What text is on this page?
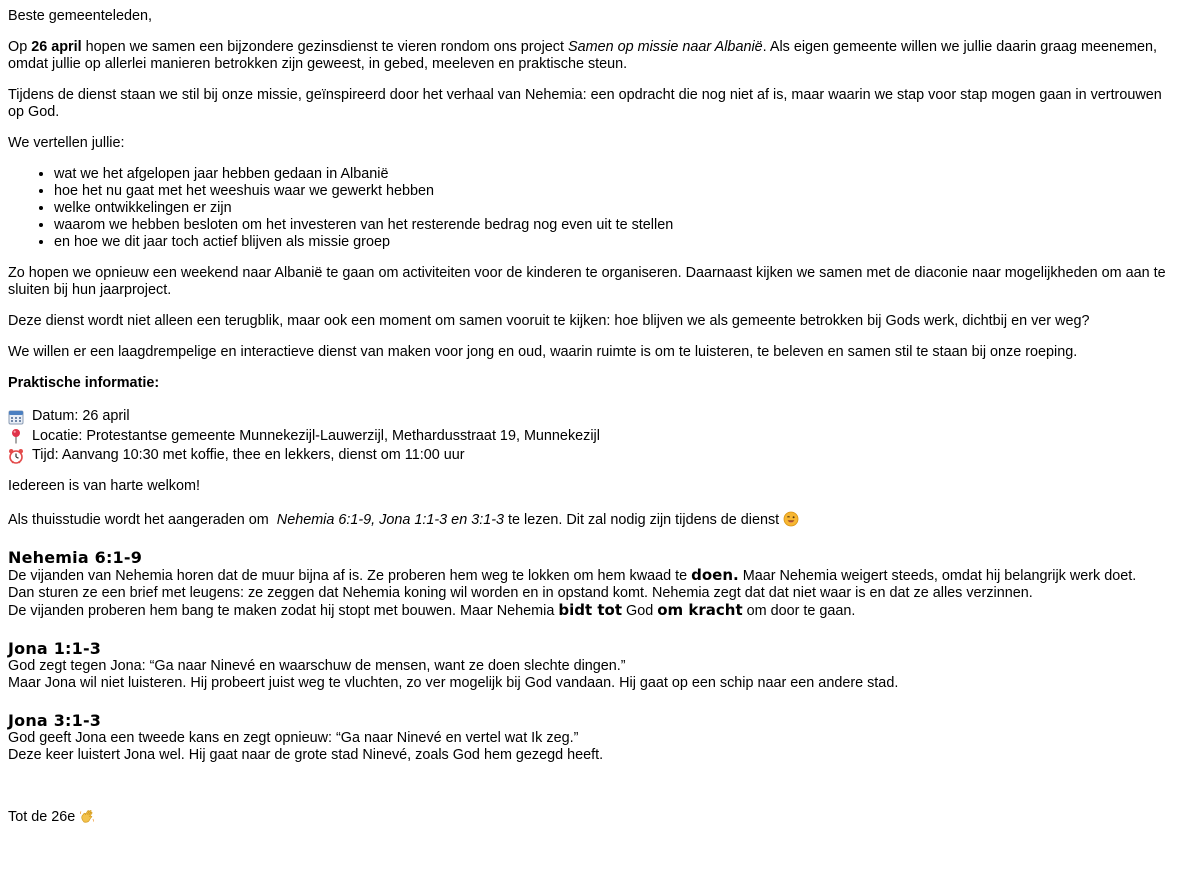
Beste gemeenteleden,

Op 26 april hopen we samen een bijzondere gezinsdienst te vieren rondom ons project Samen op missie naar Albanië. Als eigen gemeente willen we jullie daarin graag meenemen, omdat jullie op allerlei manieren betrokken zijn geweest, in gebed, meeleven en praktische steun.

Tijdens de dienst staan we stil bij onze missie, geïnspireerd door het verhaal van Nehemia: een opdracht die nog niet af is, maar waarin we stap voor stap mogen gaan in vertrouwen op God.

We vertellen jullie:

• wat we het afgelopen jaar hebben gedaan in Albanië
• hoe het nu gaat met het weeshuis waar we gewerkt hebben
• welke ontwikkelingen er zijn
• waarom we hebben besloten om het investeren van het resterende bedrag nog even uit te stellen
• en hoe we dit jaar toch actief blijven als missie groep

Zo hopen we opnieuw een weekend naar Albanië te gaan om activiteiten voor de kinderen te organiseren. Daarnaast kijken we samen met de diaconie naar mogelijkheden om aan te sluiten bij hun jaarproject.

Deze dienst wordt niet alleen een terugblik, maar ook een moment om samen vooruit te kijken: hoe blijven we als gemeente betrokken bij Gods werk, dichtbij en ver weg?

We willen er een laagdrempelige en interactieve dienst van maken voor jong en oud, waarin ruimte is om te luisteren, te beleven en samen stil te staan bij onze roeping.

Praktische informatie:

Datum: 26 april
Locatie: Protestantse gemeente Munnekezijl-Lauwerzijl, Methardusstraat 19, Munnekezijl
Tijd: Aanvang 10:30 met koffie, thee en lekkers, dienst om 11:00 uur

Iedereen is van harte welkom!

Als thuisstudie wordt het aangeraden om  Nehemia 6:1-9, Jona 1:1-3 en 3:1-3 te lezen. Dit zal nodig zijn tijdens de dienst

Nehemia 6:1-9
De vijanden van Nehemia horen dat de muur bijna af is. Ze proberen hem weg te lokken om hem kwaad te doen. Maar Nehemia weigert steeds, omdat hij belangrijk werk doet.
Dan sturen ze een brief met leugens: ze zeggen dat Nehemia koning wil worden en in opstand komt. Nehemia zegt dat dat niet waar is en dat ze alles verzinnen.
De vijanden proberen hem bang te maken zodat hij stopt met bouwen. Maar Nehemia bidt tot God om kracht om door te gaan.
Jona 1:1-3
God zegt tegen Jona: “Ga naar Ninevé en waarschuw de mensen, want ze doen slechte dingen.”
Maar Jona wil niet luisteren. Hij probeert juist weg te vluchten, zo ver mogelijk bij God vandaan. Hij gaat op een schip naar een andere stad.
Jona 3:1-3
God geeft Jona een tweede kans en zegt opnieuw: “Ga naar Ninevé en vertel wat Ik zeg.”
Deze keer luistert Jona wel. Hij gaat naar de grote stad Ninevé, zoals God hem gezegd heeft.

Tot de 26e
